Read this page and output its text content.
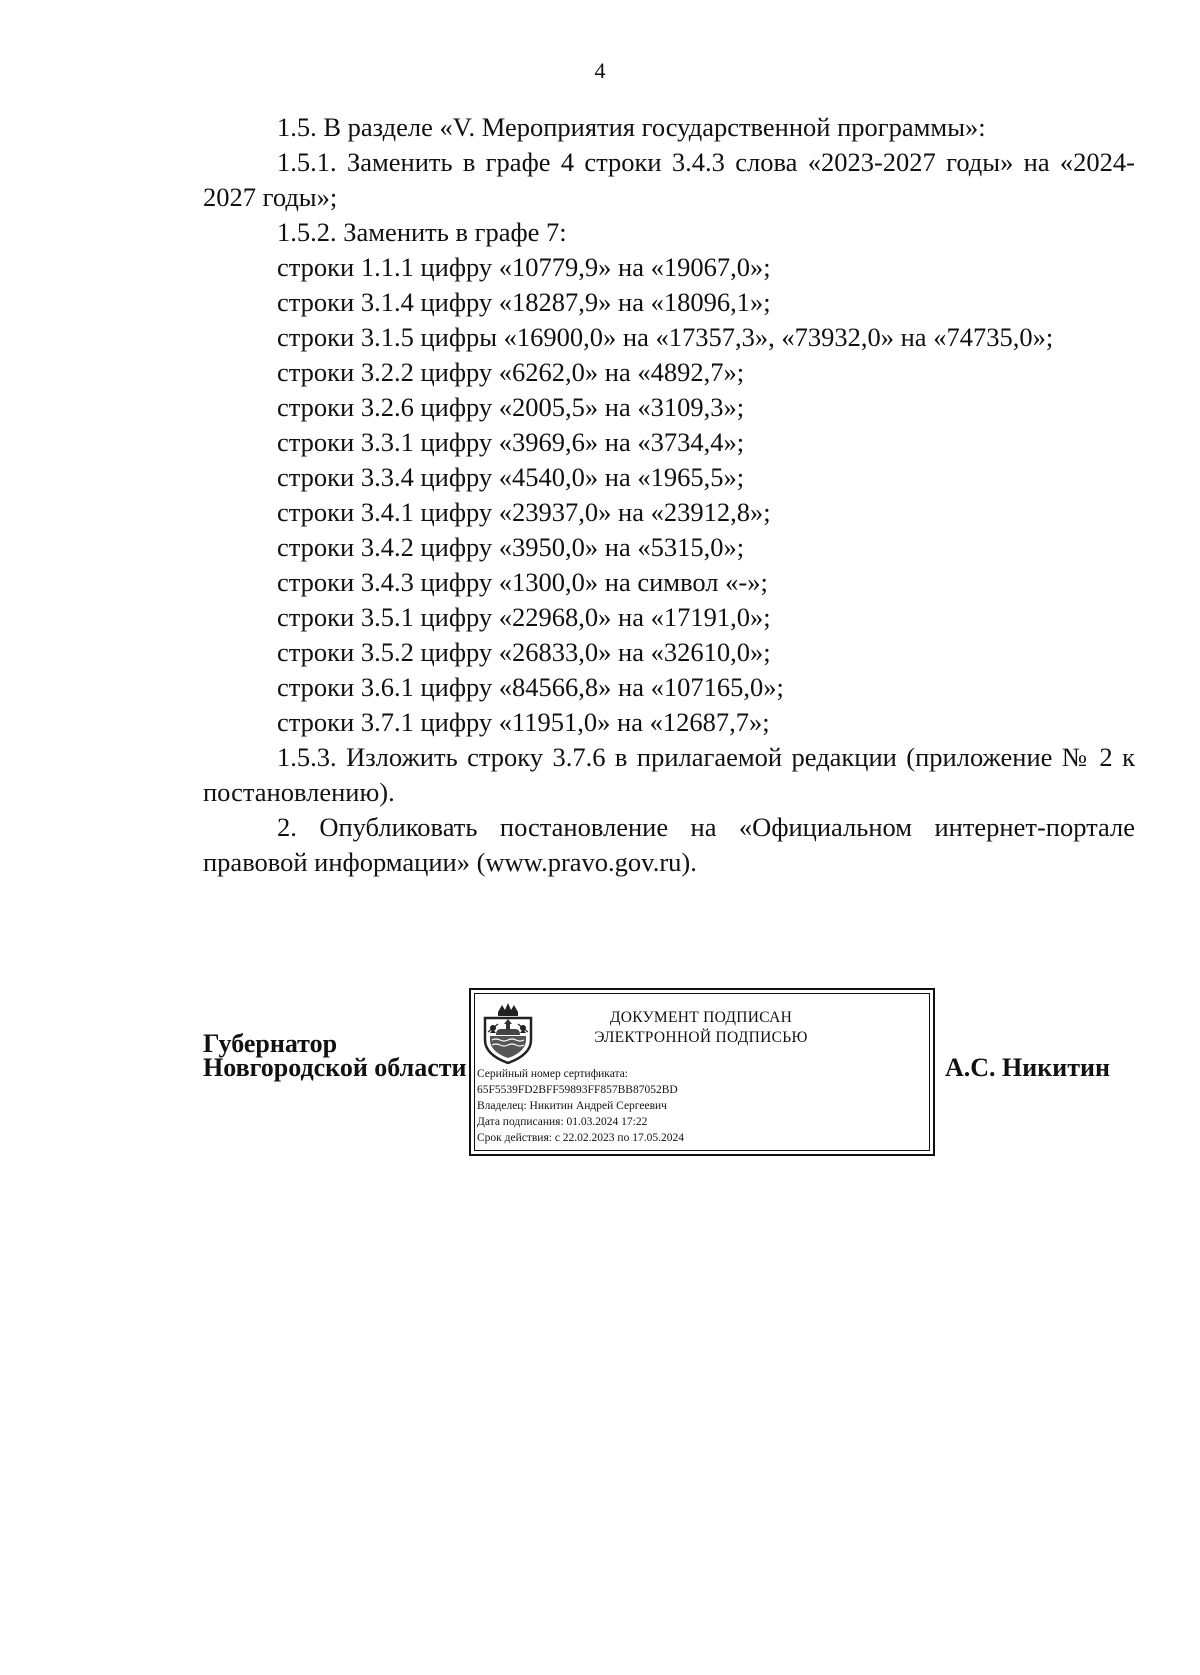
4

1.5. В разделе «V. Мероприятия государственной программы»:

1.5.1. Заменить в графе 4 строки 3.4.3 слова «2023-2027 годы» на «2024-2027 годы»;

1.5.2. Заменить в графе 7:

строки 1.1.1 цифру «10779,9» на «19067,0»;

строки 3.1.4 цифру «18287,9» на «18096,1»;

строки 3.1.5 цифры «16900,0» на «17357,3», «73932,0» на «74735,0»;

строки 3.2.2 цифру «6262,0» на «4892,7»;

строки 3.2.6 цифру «2005,5» на «3109,3»;

строки 3.3.1 цифру «3969,6» на «3734,4»;

строки 3.3.4 цифру «4540,0» на «1965,5»;

строки 3.4.1 цифру «23937,0» на «23912,8»;

строки 3.4.2 цифру «3950,0» на «5315,0»;

строки 3.4.3 цифру «1300,0» на символ «-»;

строки 3.5.1 цифру «22968,0» на «17191,0»;

строки 3.5.2 цифру «26833,0» на «32610,0»;

строки 3.6.1 цифру «84566,8» на «107165,0»;

строки 3.7.1 цифру «11951,0» на «12687,7»;

1.5.3. Изложить строку 3.7.6 в прилагаемой редакции (приложение № 2 к постановлению).

2. Опубликовать постановление на «Официальном интернет-портале правовой информации» (www.pravo.gov.ru).

Губернатор
Новгородской области
ДОКУМЕНТ ПОДПИСАН
ЭЛЕКТРОННОЙ ПОДПИСЬЮ
Серийный номер сертификата:
65F5539FD2BFF59893FF857BB87052BD
Владелец: Никитин Андрей Сергеевич
Дата подписания: 01.03.2024 17:22
Срок действия: с 22.02.2023 по 17.05.2024
А.С. Никитин
